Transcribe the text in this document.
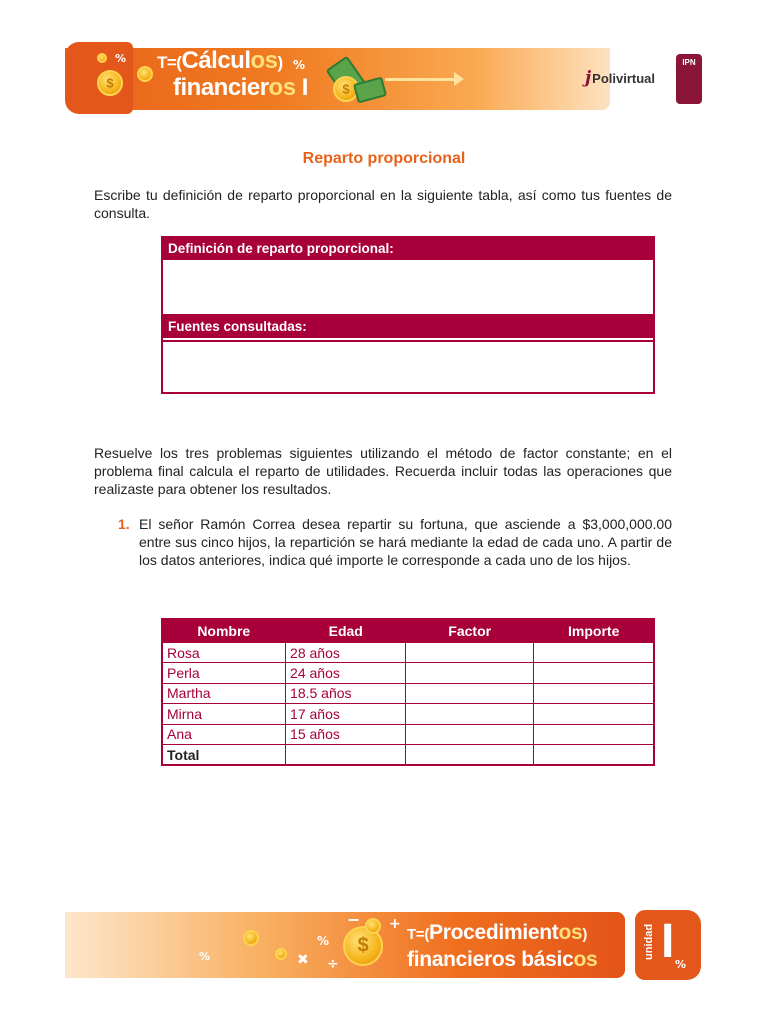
$
% T=(Cálculos)
financieros I
%
$
jPolivirtual
IPN
Reparto proporcional

Escribe tu definición de reparto proporcional en la siguiente tabla, así como tus fuentes de consulta.

Definición de reparto proporcional:
Fuentes consultadas:

Resuelve los tres problemas siguientes utilizando el método de factor constante; en el problema final calcula el reparto de utilidades. Recuerda incluir todas las operaciones que realizaste para obtener los resultados.

1. El señor Ramón Correa desea repartir su fortuna, que asciende a $3,000,000.00 entre sus cinco hijos, la repartición se hará mediante la edad de cada uno. A partir de los datos anteriores, indica qué importe le corresponde a cada uno de los hijos.
Nombre	Edad	Factor	Importe
Rosa	28 años		
Perla	24 años		
Martha	18.5 años		
Mirna	17 años		
Ana	15 años		
Total			
%
✖
%	$
− +
÷
T=(Procedimientos)
financieros básicos	unidad I %
